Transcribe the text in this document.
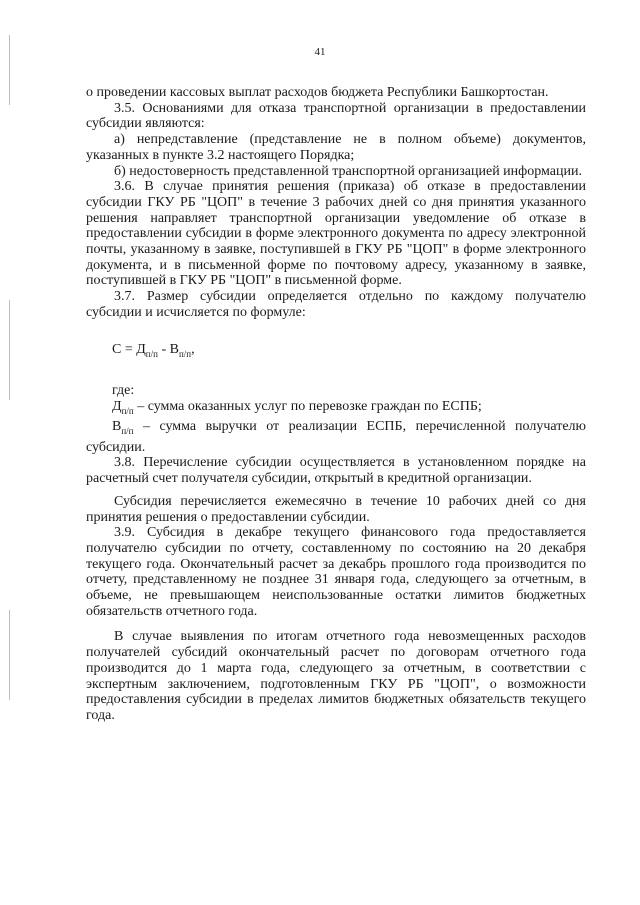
41

о проведении кассовых выплат расходов бюджета Республики Башкортостан.

3.5. Основаниями для отказа транспортной организации в предоставлении субсидии являются:

а) непредставление (представление не в полном объеме) документов, указанных в пункте 3.2 настоящего Порядка;

б) недостоверность представленной транспортной организацией информации.

3.6. В случае принятия решения (приказа) об отказе в предоставлении субсидии ГКУ РБ "ЦОП" в течение 3 рабочих дней со дня принятия указанного решения направляет транспортной организации уведомление об отказе в предоставлении субсидии в форме электронного документа по адресу электронной почты, указанному в заявке, поступившей в ГКУ РБ "ЦОП" в форме электронного документа, и в письменной форме по почтовому адресу, указанному в заявке, поступившей в ГКУ РБ "ЦОП" в письменной форме.

3.7. Размер субсидии определяется отдельно по каждому получателю субсидии и исчисляется по формуле:

$С = Д_{п/п} - В_{п/п}$,

где:

$Д_{п/п}$ – сумма оказанных услуг по перевозке граждан по ЕСПБ;

$В_{п/п}$ – сумма выручки от реализации ЕСПБ, перечисленной получателю субсидии.

3.8. Перечисление субсидии осуществляется в установленном порядке на расчетный счет получателя субсидии, открытый в кредитной организации.

Субсидия перечисляется ежемесячно в течение 10 рабочих дней со дня принятия решения о предоставлении субсидии.

3.9. Субсидия в декабре текущего финансового года предоставляется получателю субсидии по отчету, составленному по состоянию на 20 декабря текущего года. Окончательный расчет за декабрь прошлого года производится по отчету, представленному не позднее 31 января года, следующего за отчетным, в объеме, не превышающем неиспользованные остатки лимитов бюджетных обязательств отчетного года.

В случае выявления по итогам отчетного года невозмещенных расходов получателей субсидий окончательный расчет по договорам отчетного года производится до 1 марта года, следующего за отчетным, в соответствии с экспертным заключением, подготовленным ГКУ РБ "ЦОП", о возможности предоставления субсидии в пределах лимитов бюджетных обязательств текущего года.
